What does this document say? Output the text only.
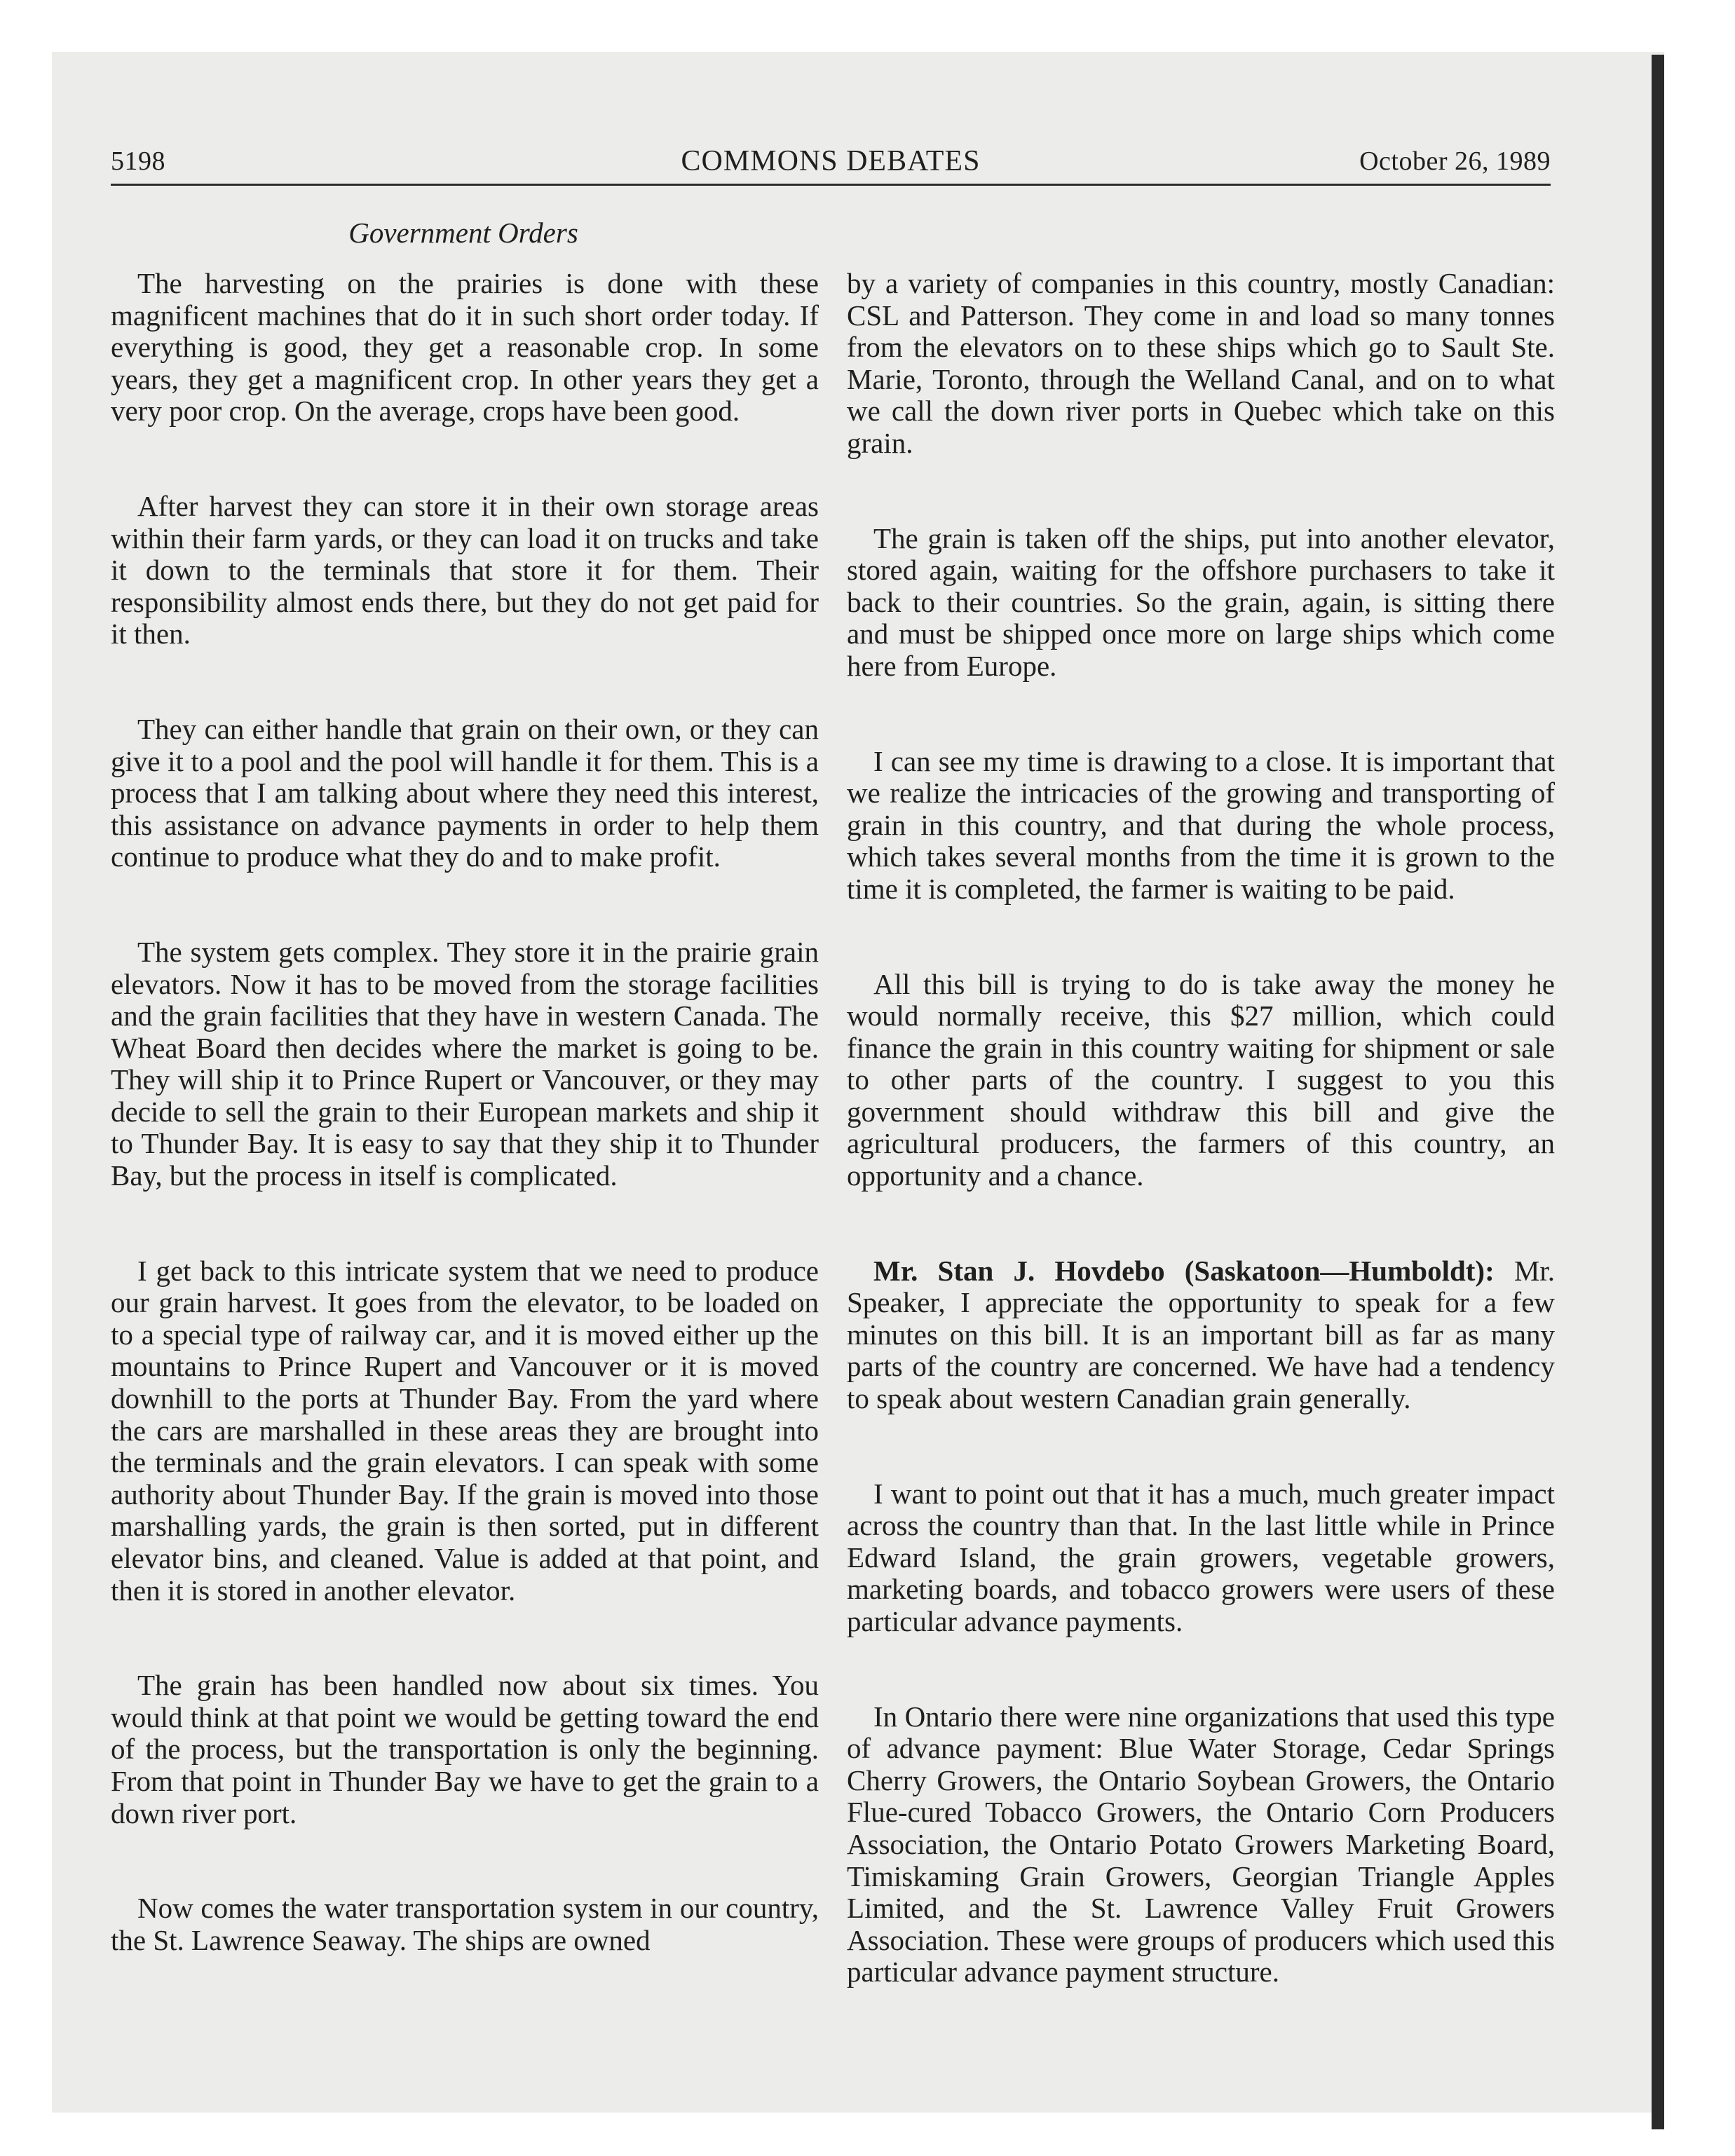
5198	COMMONS DEBATES	October 26, 1989
Government Orders

The harvesting on the prairies is done with these magnificent machines that do it in such short order today. If everything is good, they get a reasonable crop. In some years, they get a magnificent crop. In other years they get a very poor crop. On the average, crops have been good.

After harvest they can store it in their own storage areas within their farm yards, or they can load it on trucks and take it down to the terminals that store it for them. Their responsibility almost ends there, but they do not get paid for it then.

They can either handle that grain on their own, or they can give it to a pool and the pool will handle it for them. This is a process that I am talking about where they need this interest, this assistance on advance payments in order to help them continue to produce what they do and to make profit.

The system gets complex. They store it in the prairie grain elevators. Now it has to be moved from the storage facilities and the grain facilities that they have in western Canada. The Wheat Board then decides where the market is going to be. They will ship it to Prince Rupert or Vancouver, or they may decide to sell the grain to their European markets and ship it to Thunder Bay. It is easy to say that they ship it to Thunder Bay, but the process in itself is complicated.

I get back to this intricate system that we need to produce our grain harvest. It goes from the elevator, to be loaded on to a special type of railway car, and it is moved either up the mountains to Prince Rupert and Vancouver or it is moved downhill to the ports at Thunder Bay. From the yard where the cars are marshalled in these areas they are brought into the terminals and the grain elevators. I can speak with some authority about Thunder Bay. If the grain is moved into those marshalling yards, the grain is then sorted, put in different elevator bins, and cleaned. Value is added at that point, and then it is stored in another elevator.

The grain has been handled now about six times. You would think at that point we would be getting toward the end of the process, but the transportation is only the beginning. From that point in Thunder Bay we have to get the grain to a down river port.

Now comes the water transportation system in our country, the St. Lawrence Seaway. The ships are owned

by a variety of companies in this country, mostly Canadian: CSL and Patterson. They come in and load so many tonnes from the elevators on to these ships which go to Sault Ste. Marie, Toronto, through the Welland Canal, and on to what we call the down river ports in Quebec which take on this grain.

The grain is taken off the ships, put into another elevator, stored again, waiting for the offshore purchasers to take it back to their countries. So the grain, again, is sitting there and must be shipped once more on large ships which come here from Europe.

I can see my time is drawing to a close. It is important that we realize the intricacies of the growing and transporting of grain in this country, and that during the whole process, which takes several months from the time it is grown to the time it is completed, the farmer is waiting to be paid.

All this bill is trying to do is take away the money he would normally receive, this $27 million, which could finance the grain in this country waiting for shipment or sale to other parts of the country. I suggest to you this government should withdraw this bill and give the agricultural producers, the farmers of this country, an opportunity and a chance.

Mr. Stan J. Hovdebo (Saskatoon—Humboldt): Mr. Speaker, I appreciate the opportunity to speak for a few minutes on this bill. It is an important bill as far as many parts of the country are concerned. We have had a tendency to speak about western Canadian grain generally.

I want to point out that it has a much, much greater impact across the country than that. In the last little while in Prince Edward Island, the grain growers, vegetable growers, marketing boards, and tobacco growers were users of these particular advance payments.

In Ontario there were nine organizations that used this type of advance payment: Blue Water Storage, Cedar Springs Cherry Growers, the Ontario Soybean Growers, the Ontario Flue-cured Tobacco Growers, the Ontario Corn Producers Association, the Ontario Potato Growers Marketing Board, Timiskaming Grain Growers, Georgian Triangle Apples Limited, and the St. Lawrence Valley Fruit Growers Association. These were groups of producers which used this particular advance payment structure.
